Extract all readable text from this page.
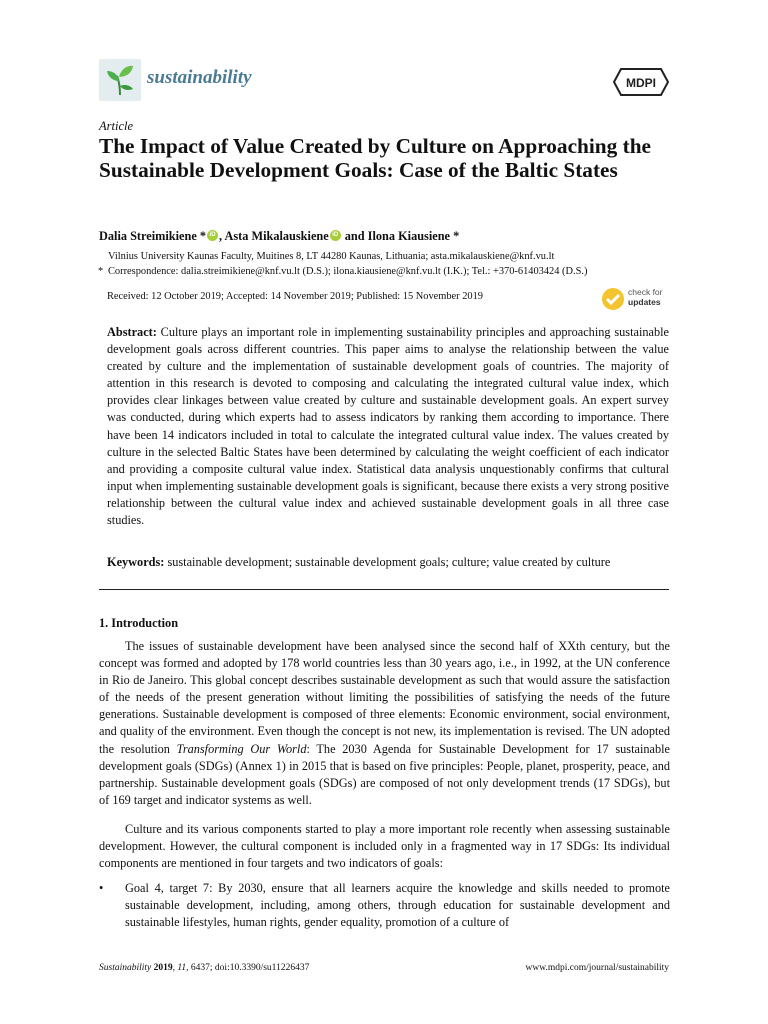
sustainability	MDPI
Article
The Impact of Value Created by Culture on Approaching the Sustainable Development Goals: Case of the Baltic States
Dalia Streimikiene *iD , Asta MikalauskieneiD and Ilona Kiausiene *
Vilnius University Kaunas Faculty, Muitines 8, LT 44280 Kaunas, Lithuania; asta.mikalauskiene@knf.vu.lt
* Correspondence: dalia.streimikiene@knf.vu.lt (D.S.); ilona.kiausiene@knf.vu.lt (I.K.); Tel.: +370-61403424 (D.S.)
Received: 12 October 2019; Accepted: 14 November 2019; Published: 15 November 2019	check for
updates

Abstract: Culture plays an important role in implementing sustainability principles and approaching sustainable development goals across different countries. This paper aims to analyse the relationship between the value created by culture and the implementation of sustainable development goals of countries. The majority of attention in this research is devoted to composing and calculating the integrated cultural value index, which provides clear linkages between value created by culture and sustainable development goals. An expert survey was conducted, during which experts had to assess indicators by ranking them according to importance. There have been 14 indicators included in total to calculate the integrated cultural value index. The values created by culture in the selected Baltic States have been determined by calculating the weight coefficient of each indicator and providing a composite cultural value index. Statistical data analysis unquestionably confirms that cultural input when implementing sustainable development goals is significant, because there exists a very strong positive relationship between the cultural value index and achieved sustainable development goals in all three case studies.

Keywords: sustainable development; sustainable development goals; culture; value created by culture
1. Introduction

The issues of sustainable development have been analysed since the second half of XXth century, but the concept was formed and adopted by 178 world countries less than 30 years ago, i.e., in 1992, at the UN conference in Rio de Janeiro. This global concept describes sustainable development as such that would assure the satisfaction of the needs of the present generation without limiting the possibilities of satisfying the needs of the future generations. Sustainable development is composed of three elements: Economic environment, social environment, and quality of the environment. Even though the concept is not new, its implementation is revised. The UN adopted the resolution Transforming Our World: The 2030 Agenda for Sustainable Development for 17 sustainable development goals (SDGs) (Annex 1) in 2015 that is based on five principles: People, planet, prosperity, peace, and partnership. Sustainable development goals (SDGs) are composed of not only development trends (17 SDGs), but of 169 target and indicator systems as well.

Culture and its various components started to play a more important role recently when assessing sustainable development. However, the cultural component is included only in a fragmented way in 17 SDGs: Its individual components are mentioned in four targets and two indicators of goals:

• Goal 4, target 7: By 2030, ensure that all learners acquire the knowledge and skills needed to promote sustainable development, including, among others, through education for sustainable development and sustainable lifestyles, human rights, gender equality, promotion of a culture of
Sustainability 2019, 11, 6437; doi:10.3390/su11226437	www.mdpi.com/journal/sustainability
